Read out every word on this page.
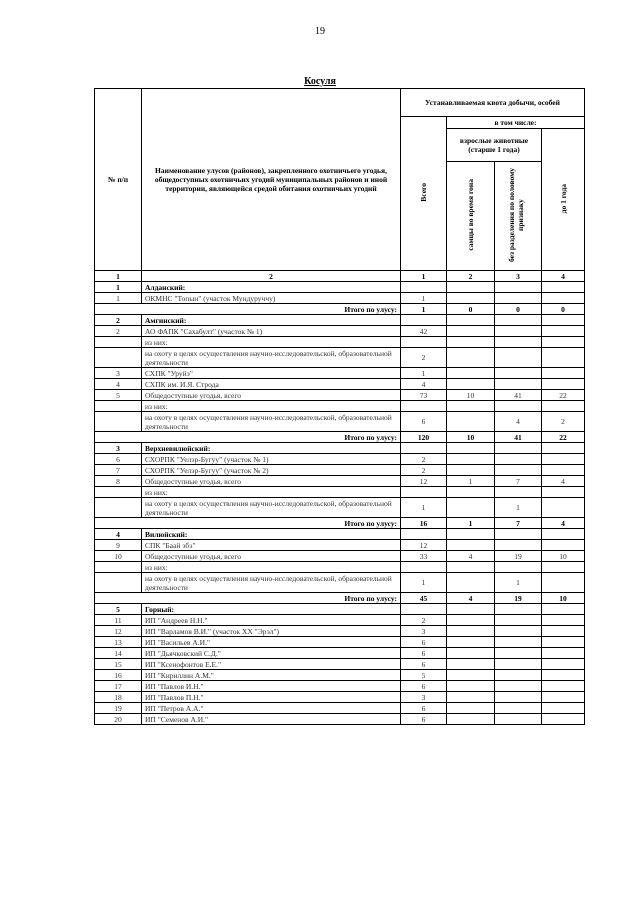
19
Косуля
№ п/п	Наименование улусов (районов), закрепленного охотничьего угодья, общедоступных охотничьих угодий муниципальных районов и иной территории, являющейся средой обитания охотничьих угодий	Устанавливаемая квота добычи, особей			
		Всего	в том числе:		
			взрослые животные (старше 1 года)		до 1 года
			самцы во время гона	без разделения по половому признаку	
1	2	1	2	3	4
1	Алданский:				
1	ОКМНС "Топын" (участок Мундуруччу)	1			
Итого по улусу:		1	0	0	0
2	Амгинский:				
2	АО ФАПК "Сахабулт" (участок № 1)	42			
	из них:				
	на охоту в целях осуществления научно-исследовательской, образовательной деятельности	2			
3	СХПК "Уруйэ"	1			
4	СХПК им. И.Я. Строда	4			
5	Общедоступные угодья, всего	73	10	41	22
	из них:				
	на охоту в целях осуществления научно-исследовательской, образовательной деятельности	6		4	2
Итого по улусу:		120	10	41	22
3	Верхневилюйский:				
6	СХОРПК "Уелэр-Бугуу" (участок № 1)	2			
7	СХОРПК "Уелэр-Бугуу" (участок № 2)	2			
8	Общедоступные угодья, всего	12	1	7	4
	из них:				
	на охоту в целях осуществления научно-исследовательской, образовательной деятельности	1		1	
Итого по улусу:		16	1	7	4
4	Вилюйский:				
9	СПК "Баай эбэ"	12			
10	Общедоступные угодья, всего	33	4	19	10
	из них:				
	на охоту в целях осуществления научно-исследовательской, образовательной деятельности	1		1	
Итого по улусу:		45	4	19	10
5	Горный:				
11	ИП "Андреев Н.Н."	2			
12	ИП "Варламов В.И." (участок ХХ "Эрэл")	3			
13	ИП "Васильев А.И."	6			
14	ИП "Дьячковский С.Д."	6			
15	ИП "Ксенофонтов Е.Е."	6			
16	ИП "Кириллин А.М."	5			
17	ИП "Павлов И.Н."	6			
18	ИП "Павлов П.Н."	3			
19	ИП "Петров А.А."	6			
20	ИП "Семенов А.И."	6			
